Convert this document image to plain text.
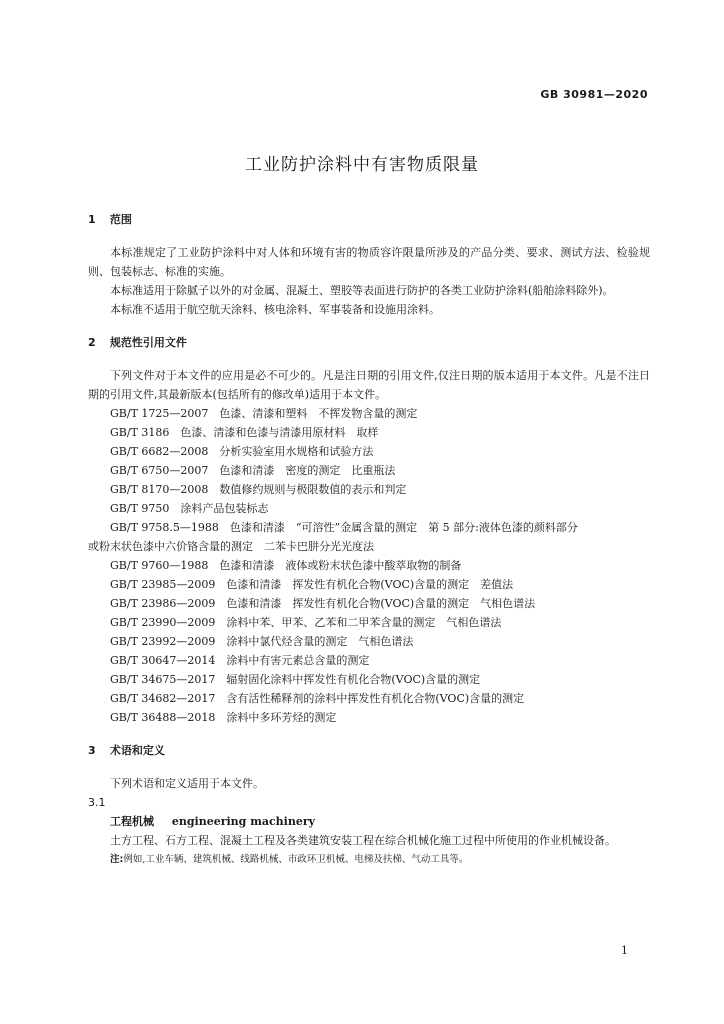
GB 30981—2020
工业防护涂料中有害物质限量

1 范围

本标准规定了工业防护涂料中对人体和环境有害的物质容许限量所涉及的产品分类、要求、测试方法、检验规则、包装标志、标准的实施。

本标准适用于除腻子以外的对金属、混凝土、塑胶等表面进行防护的各类工业防护涂料(船舶涂料除外)。

本标准不适用于航空航天涂料、核电涂料、军事装备和设施用涂料。

2 规范性引用文件

下列文件对于本文件的应用是必不可少的。凡是注日期的引用文件,仅注日期的版本适用于本文件。凡是不注日期的引用文件,其最新版本(包括所有的修改单)适用于本文件。

GB/T 1725—2007　色漆、清漆和塑料　不挥发物含量的测定

GB/T 3186　色漆、清漆和色漆与清漆用原材料　取样

GB/T 6682—2008　分析实验室用水规格和试验方法

GB/T 6750—2007　色漆和清漆　密度的测定　比重瓶法

GB/T 8170—2008　数值修约规则与极限数值的表示和判定

GB/T 9750　涂料产品包装标志

GB/T 9758.5—1988　色漆和清漆　“可溶性”金属含量的测定　第 5 部分:液体色漆的颜料部分

或粉末状色漆中六价铬含量的测定　二苯卡巴肼分光光度法

GB/T 9760—1988　色漆和清漆　液体或粉末状色漆中酸萃取物的制备

GB/T 23985—2009　色漆和清漆　挥发性有机化合物(VOC)含量的测定　差值法

GB/T 23986—2009　色漆和清漆　挥发性有机化合物(VOC)含量的测定　气相色谱法

GB/T 23990—2009　涂料中苯、甲苯、乙苯和二甲苯含量的测定　气相色谱法

GB/T 23992—2009　涂料中氯代烃含量的测定　气相色谱法

GB/T 30647—2014　涂料中有害元素总含量的测定

GB/T 34675—2017　辐射固化涂料中挥发性有机化合物(VOC)含量的测定

GB/T 34682—2017　含有活性稀释剂的涂料中挥发性有机化合物(VOC)含量的测定

GB/T 36488—2018　涂料中多环芳烃的测定

3 术语和定义

下列术语和定义适用于本文件。

3.1

工程机械 engineering machinery

土方工程、石方工程、混凝土工程及各类建筑安装工程在综合机械化施工过程中所使用的作业机械设备。

注:例如,工业车辆、建筑机械、线路机械、市政环卫机械、电梯及扶梯、气动工具等。

1
